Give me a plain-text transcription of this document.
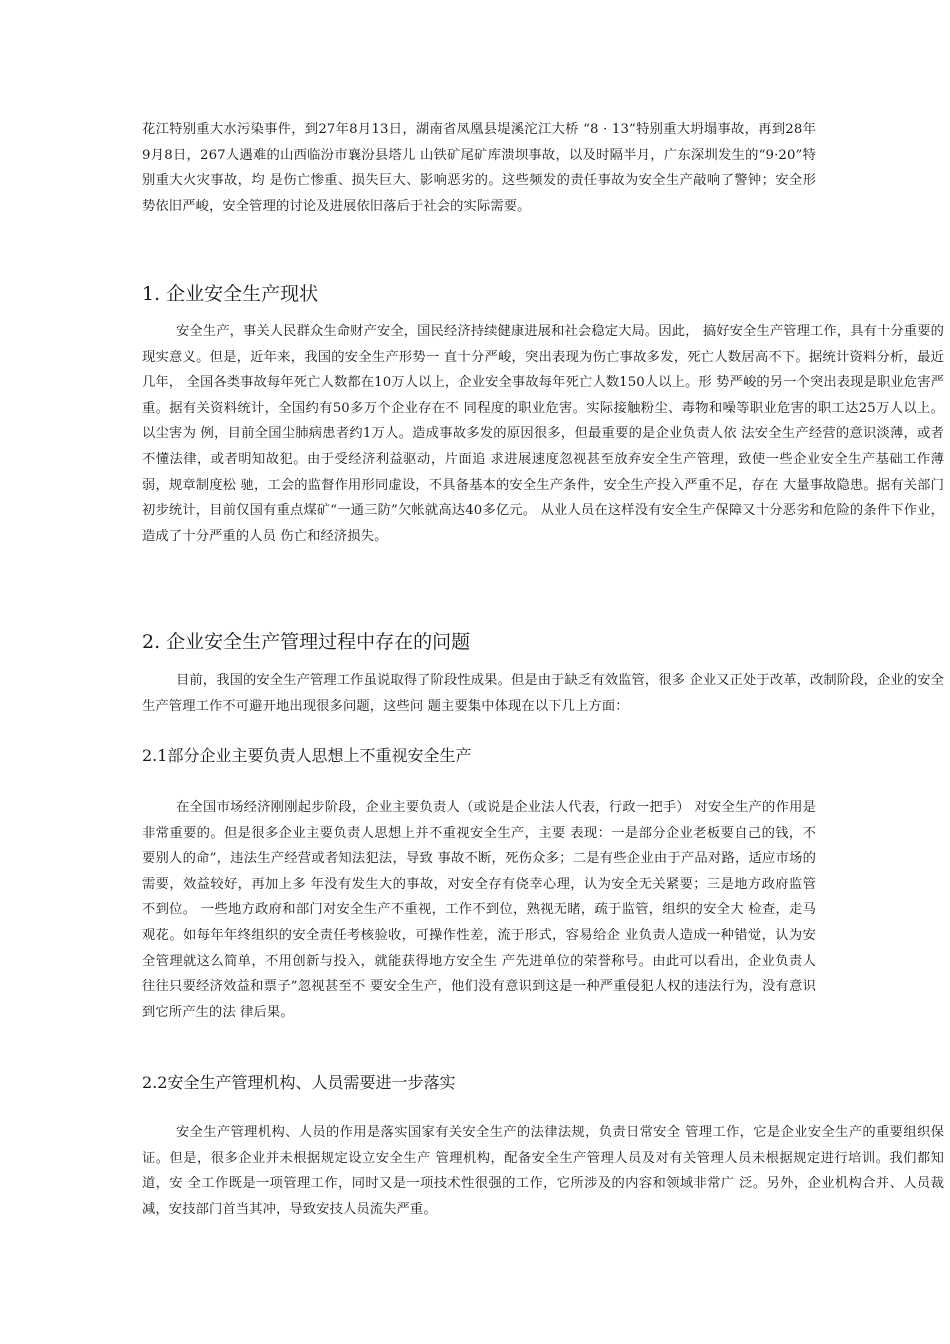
花江特别重大水污染事件，到27年8月13日，湖南省凤凰县堤溪沱江大桥 “8 · 13”特别重大坍塌事故，再到28年9月8日，267人遇难的山西临汾市襄汾县塔儿 山铁矿尾矿库溃坝事故，以及时隔半月，广东深圳发生的“9·20”特别重大火灾事故，均 是伤亡惨重、损失巨大、影响恶劣的。这些频发的责任事故为安全生产敲响了警钟；安全形 势依旧严峻，安全管理的讨论及进展依旧落后于社会的实际需要。

1. 企业安全生产现状

安全生产，事关人民群众生命财产安全，国民经济持续健康进展和社会稳定大局。因此， 搞好安全生产管理工作，具有十分重要的现实意义。但是，近年来，我国的安全生产形势一 直十分严峻，突出表现为伤亡事故多发，死亡人数居高不下。据统计资料分析，最近几年， 全国各类事故每年死亡人数都在10万人以上，企业安全事故每年死亡人数150人以上。形 势严峻的另一个突出表现是职业危害严重。据有关资料统计，全国约有50多万个企业存在不 同程度的职业危害。实际接触粉尘、毒物和噪等职业危害的职工达25万人以上。以尘害为 例，目前全国尘肺病患者约1万人。造成事故多发的原因很多，但最重要的是企业负责人依 法安全生产经营的意识淡薄，或者不懂法律，或者明知故犯。由于受经济利益驱动，片面追 求进展速度忽视甚至放弃安全生产管理，致使一些企业安全生产基础工作薄弱，规章制度松 驰，工会的监督作用形同虚设，不具备基本的安全生产条件，安全生产投入严重不足，存在 大量事故隐患。据有关部门初步统计，目前仅国有重点煤矿“一通三防”欠帐就高达40多亿元。 从业人员在这样没有安全生产保障又十分恶劣和危险的条件下作业，造成了十分严重的人员 伤亡和经济损失。

2. 企业安全生产管理过程中存在的问题

目前，我国的安全生产管理工作虽说取得了阶段性成果。但是由于缺乏有效监管，很多 企业又正处于改革，改制阶段，企业的安全生产管理工作不可避开地出现很多问题，这些问 题主要集中体现在以下几上方面：

2.1部分企业主要负责人思想上不重视安全生产

在全国市场经济刚刚起步阶段，企业主要负责人（或说是企业法人代表，行政一把手） 对安全生产的作用是非常重要的。但是很多企业主要负责人思想上并不重视安全生产，主要 表现：一是部分企业老板要自己的钱，不要别人的命”，违法生产经营或者知法犯法，导致 事故不断，死伤众多；二是有些企业由于产品对路，适应市场的需要，效益较好，再加上多 年没有发生大的事故，对安全存有侥幸心理，认为安全无关紧要；三是地方政府监管不到位。 一些地方政府和部门对安全生产不重视，工作不到位，熟视无睹，疏于监管，组织的安全大 检查，走马观花。如每年年终组织的安全责任考核验收，可操作性差，流于形式，容易给企 业负责人造成一种错觉，认为安全管理就这么简单，不用创新与投入，就能获得地方安全生 产先进单位的荣誉称号。由此可以看出，企业负责人往往只要经济效益和票子”忽视甚至不 要安全生产，他们没有意识到这是一种严重侵犯人权的违法行为，没有意识到它所产生的法 律后果。

2.2安全生产管理机构、人员需要进一步落实

安全生产管理机构、人员的作用是落实国家有关安全生产的法律法规，负责日常安全 管理工作，它是企业安全生产的重要组织保证。但是，很多企业并未根据规定设立安全生产 管理机构，配备安全生产管理人员及对有关管理人员未根据规定进行培训。我们都知道，安 全工作既是一项管理工作，同时又是一项技术性很强的工作，它所涉及的内容和领域非常广 泛。另外，企业机构合并、人员裁减，安技部门首当其冲，导致安技人员流失严重。
